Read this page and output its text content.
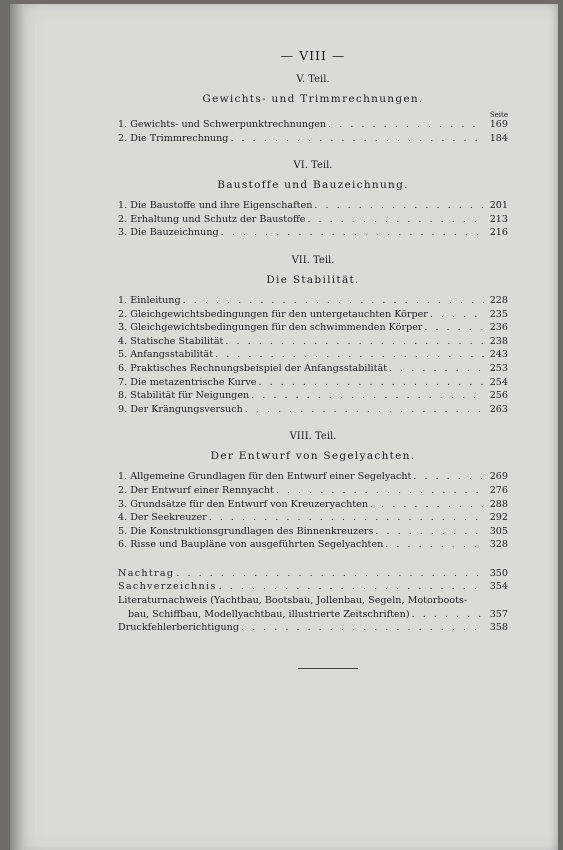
— VIII —
V. Teil.
Gewichts- und Trimmrechnungen.
Seite
1. Gewichts- und Schwerpunktrechnungen . . .	169
2. Die Trimmrechnung . . .	184
VI. Teil.
Baustoffe und Bauzeichnung.
1. Die Baustoffe und ihre Eigenschaften . . .	201
2. Erhaltung und Schutz der Baustoffe . . .	213
3. Die Bauzeichnung . . .	216
VII. Teil.
Die Stabilität.
1. Einleitung . . .	228
2. Gleichgewichtsbedingungen für den untergetauchten Körper . . .	235
3. Gleichgewichtsbedingungen für den schwimmenden Körper . . .	236
4. Statische Stabilität . . .	238
5. Anfangsstabilität . . .	243
6. Praktisches Rechnungsbeispiel der Anfangsstabilität . . .	253
7. Die metazentrische Kurve . . .	254
8. Stabilität für Neigungen . . .	256
9. Der Krängungsversuch . . .	263
VIII. Teil.
Der Entwurf von Segelyachten.
1. Allgemeine Grundlagen für den Entwurf einer Segelyacht . . .	269
2. Der Entwurf einer Rennyacht . . .	276
3. Grundsätze für den Entwurf von Kreuzeryachten . . .	288
4. Der Seekreuzer . . .	292
5. Die Konstruktionsgrundlagen des Binnenkreuzers . . .	305
6. Risse und Baupläne von ausgeführten Segelyachten . . .	328
Nachtrag . . .	350
Sachverzeichnis . . .	354
Literaturnachweis (Yachtbau, Bootsbau, Jollenbau, Segeln, Motorboots-
bau, Schiffbau, Modellyachtbau, illustrierte Zeitschriften) . . .	357
Druckfehlerberichtigung . . .	358
